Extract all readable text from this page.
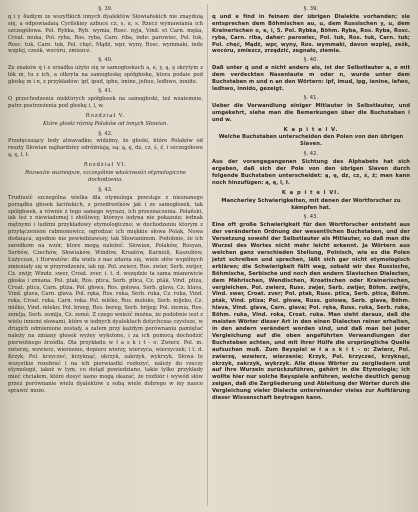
§. 39.

q i y 4udiym ze wszyftkich innych dyalektów Słowiańskich nie znayduią się, a odpowiadaią Cyrilskiey azbuce cz, s, u, s. Rzecz wymawiania ich szczegółowa. Pol. Rybka, Ryb. wymia, Rosc. nyja, Vind. et Carn. męka, Croat. mukа, Pol. ryba, Ros. ryba, Carn. riba, inde: parowiec, Pol. tuk, Rosc. tuk, Carn. tuk, Pol. chęć, Mądż, wpr, wyny, Rosc. wymmaki, inde wzplej, cześk, wocóru, zmiezcz.

§. 40.

Ze znaków q i e zrzadka użyto się w samogłoskach a, e, y, ą, ę skrytym z łók m, tu z ich, a otkryta na samogłoskę spółgłoskę, ktora podaie pod głoskę m i n, z przykładów: ipf, ipud, ipbu, imine, jefiuo, ledhwo, innido.

§. 41.

O przechodzeniu niektórych spółgłosek na samogłoski, też wzaiemnie, patrz postrzeżenia pod głoskę i, l, w.

Rozdział V.
Które głoski różnią Polaków od innych Słowian.
§. 42.

Przełęczaiący tedy alwavadku; widzimy, że głoski, które Polaków od reszty Słowian najbardziey odróżniają, są: ą, ę, dz, cz, ś, ź, i szczegółowe ą, ę, l, ł.

Rozdział VI.
Rozwaźie ważniejsze, szczególnie właściwości etymologiczne dochodzenia.
§. 43.

Trudność szczególna wielka dla etymologa powstaje z nieznanego porządku głosek łacińskich, z przedrostków jak i ze samogłosek, tak spółgłosek, a równie z tego samego wyrazu, ich przeznaczenia. Polański, iak też z niewiadomej i złośliwey, któreyo iedyna nie pokazuie; iednak mętnymi i ludźmi przykładowy etymologiczno; w dochodzeniu ktorym z przyłączeniem rabmonowicz, ogrodzać ich miękkie słowa Polak, Nowa dodaiąca, zgodnie nie powiedziawszy, tak Słowianinom. Podobnie, że ich zarodkom na wzór, ktore mogą należeć. Słowian, Polaków, Rosyan, Serbów, Czechów, Słowiaków, Windów, Kroatów, Karnioli, Kaszubów, Łużyczan, i Horwatów: dla wielu z nas zdarza się, wiele słów wspólnych zmieniały się w przyrodzeniu, iak np. Pol. zwierz, Ros. zwier, Serb. zwijer, Cz. zwijr, Windz. swer, Croat. zver, i. t. d. wszędzie ta sama mianowicie głoska i zmiana. Pol. ptak, Ros. ptica, Serb. ptica, Cz. pták, Vind. ptiza, Croat. ptica, Carn. ptiza. Pol. głowa, Ros. gołowa, Serb. glava, Cz. hlava, Vind. glava, Carn. glava. Pol. ręka, Ros. ruka, Serb. ruka, Cz. ruka, Vind. roka, Croat. ruka, Carn. roka. Pol. mléko, Ros. moloko, Serb. mljeko, Cz. mléko, Vind. mleko; Pol. brzeg, Ros. bereg, Serb. brijeg; Pol. ziemia, Ros. zemlja, Serb. zemlja, Cz. země. Z czego wnieść można, że podobnie iest z wielu innemi słowami, które w iednych dyalektach dotychczas czystsze, w drugich odmienione zostały, a zatem przy każdym porównaniu pamiętać należy na zmiany głosek wyżey wyłożone, i za ich pomocą dochodzić pierwotnego źrzódła. Dla przykładu w ł a s k i t - o: Zwierz. Pol. m. zwierzę, wzwierz, wierzenie, dopiero wierzy, wierzyca, wierzyczek; i t. d. Krzyk, Pol. krzyczeć, krzyknąć, okrzyk, zakrzyk, wykrzyk. Słowa te wszystkie rozebrać i na ich pierwiastki rozłożyć, należy do rzeczy etymologii, iakoż w tym, co dotąd powiedziano, takie tylko przykłady mieć chciałem, które dosyć iasno mogą okazać, że rozbiór i wywód słów przez porównanie wielu dyalektów z sobą wiele dobrego w iey nauce sprawić może.

§. 39.

q und e find in feinem der übrigen Dialekte vorhanden; sie entsprechen dem Böhmischen au, u, dem Russischen y, u, dem Krainerischen o, e, i, 5. Pol. Rybka, Böhm. Ryba, Ros. Ryba, Rosc. ryba, Carn. riba, daher: parowiec, Pol. tuk, Ros. tuk, Carn. tuk; Pol. chęć, Mądż, wpr, wyny, Ros. wymmaki, davon wzplej, ześk, wocóru, zmiezcz, zrządzić, zegnało, ziemia.

§. 40.

Daß unter q und e nicht anders als, ist der Selbstlauter a, e mit dem verdeckten Nasenlaute m oder n, wurde unter dem Buchstaben m und n an den Wörtern: ipf, imud, ipg, ienine, lefwo, ledhwo, innido, gezeigt.

§. 41.

Ueber die Verwandlung einiger Mitlauter in Selbstlauter, und umgekehrt, siehe man die Bemerkungen über die Buchstaben i und w.

K a p i t e l V.
Welche Buchstaben unterscheiden den Polen von den übrigen Slaven.
§. 42.

Aus der vorangegangenen Sichtung des Alphabets hat sich ergeben, daß sich der Pole von den übrigen Slaven durch folgende Buchstaben unterscheidet: ą, ę, dz, cz, ś, ź; man kann noch hinzufügen: ą, ę, l, ł.

K a p i t e l VI.
Mancherley Schwierigkeiten, mit denen der Wortforscher zu kämpfen hat.
§. 43.

Eine oft große Schwierigkeit für den Wortforscher entsteht aus der veränderten Ordnung der wesentlichen Buchstaben, und der Versetzung sowohl der Selbstlauter als Mitlauter, so daß man die Wurzel des Wortes nicht mehr leicht erkennt. Ja Wörtern aus welchen ganz verschieden Stellung, Polnisch, wie es die Polen jetzt schreiben und sprechen, läßt sich gar nicht etymologisch erklären; die Schwierigkeit fällt weg, sobald wir das Russische, Böhmische, Serbische und noch den andern Slavischen Dialecten, dem Mährischen, Wendischen, Kroatischen oder Krainerischen, vergleichen. Pol. zwierz, Russ. zwjer, Serb. zwijer, Böhm. zwijře, Vind. swer, Croat. zver; Pol. ptak, Russ. ptica, Serb. ptica, Böhm. pták, Vind. ptiza; Pol. głowa, Russ. golowa, Serb. glava, Böhm. hlava, Vind. glava, Carn. glava; Pol. ręka, Russ. ruka, Serb. ruka, Böhm. ruka, Vind. roka, Croat. ruka. Man sieht daraus, daß die meisten Wörter dieser Art in den einen Dialecten reiner erhalten, in den andern verändert worden sind, und daß man bei jeder Vergleichung auf die oben angeführten Verwandlungen der Buchstaben achten, und mit ihrer Hülfe die ursprüngliche Quelle aufsuchen muß. Zum Beyspiel w ł a s k i t - o: Zwierz, Pol. zwierzę, wzwierz, wierzenie; Krzyk, Pol. krzyczeć, krzyknąć, okrzyk, zakrzyk, wykrzyk. Alle diese Wörter zu zergliedern und auf ihre Wurzeln zurückzuführen, gehört in die Etymologie; ich wollte hier nur solche Beyspiele anführen, welche deutlich genug zeigen, daß die Zergliederung und Ableitung der Wörter durch die Vergleichung vieler Dialecte untereinander vieles zur Aufklärung dieser Wissenschaft beytragen kann.
